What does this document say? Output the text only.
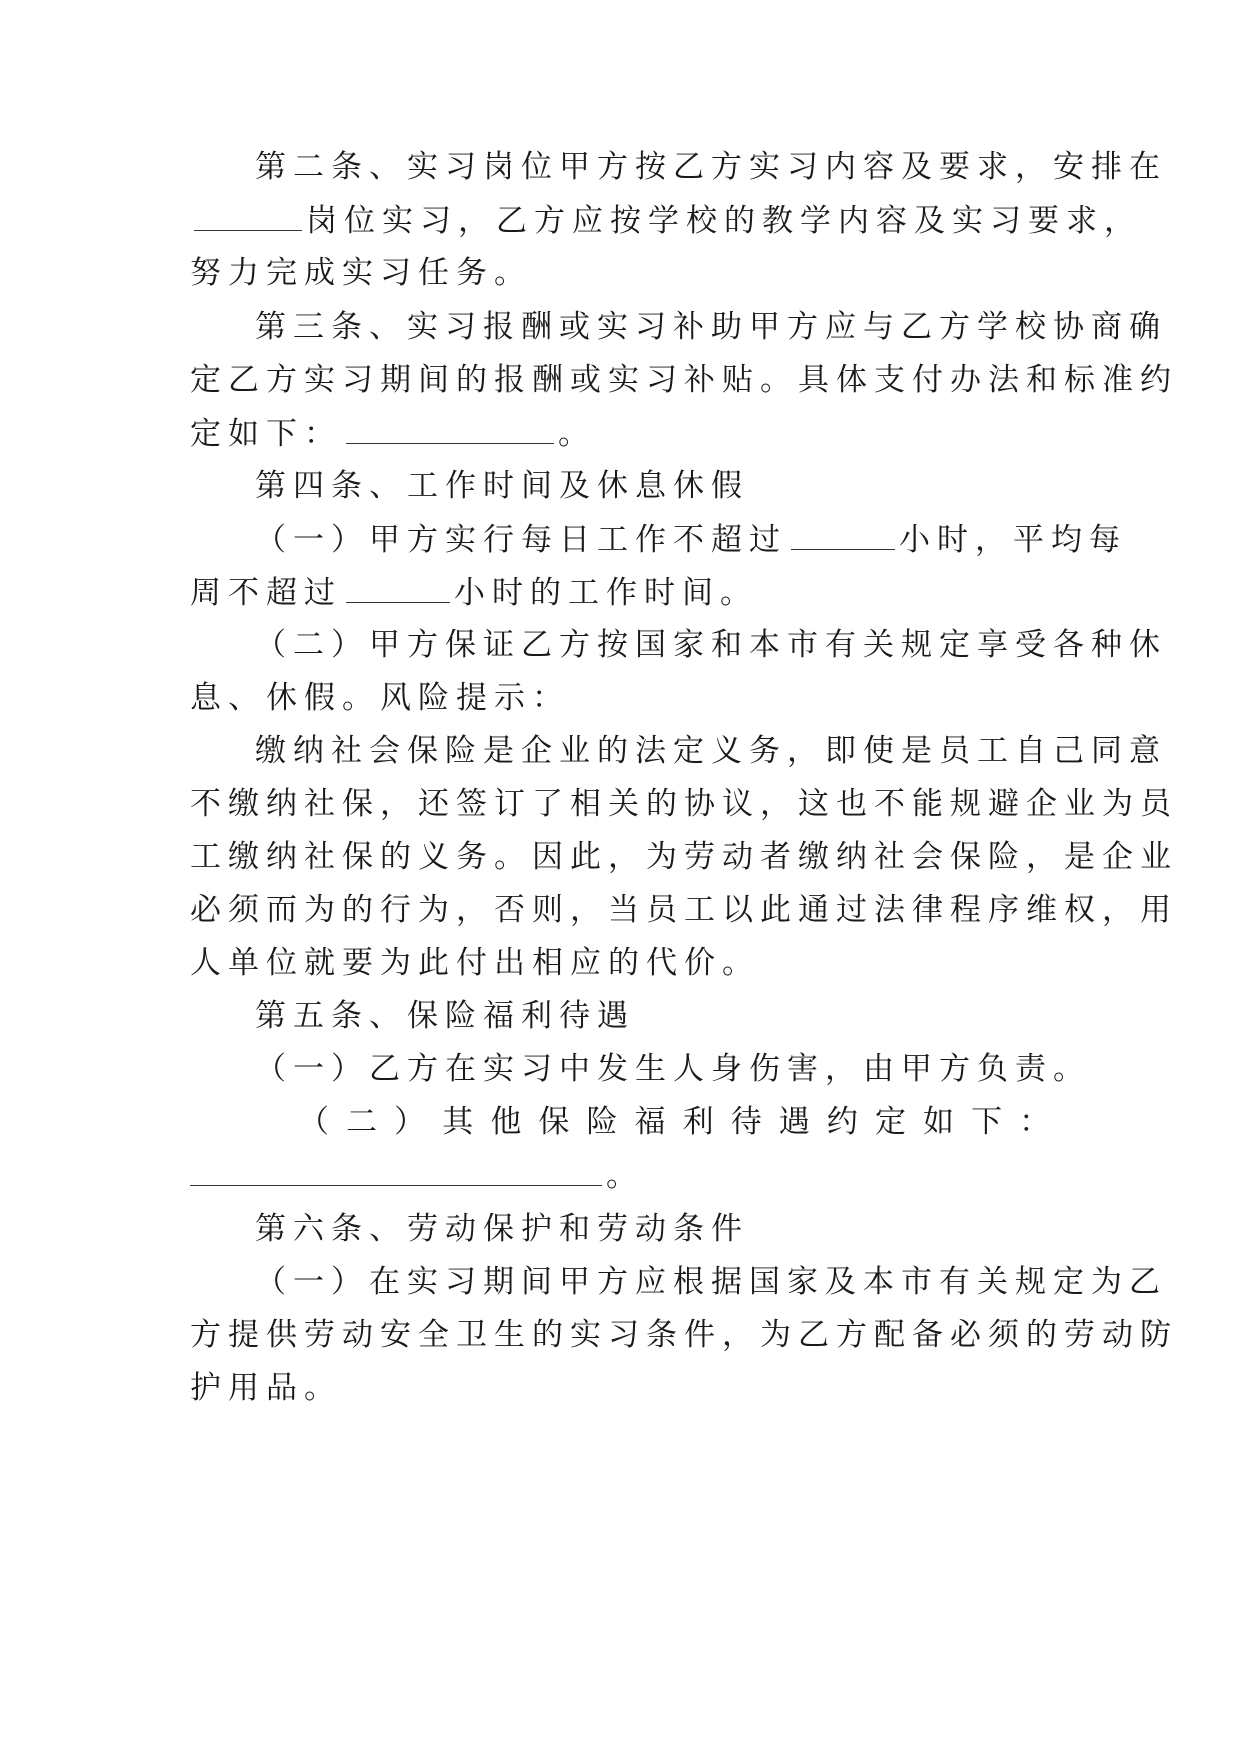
第二条、实习岗位甲方按乙方实习内容及要求，安排在
岗位实习，乙方应按学校的教学内容及实习要求，
努力完成实习任务。
第三条、实习报酬或实习补助甲方应与乙方学校协商确
定乙方实习期间的报酬或实习补贴。具体支付办法和标准约
定如下：	。
第四条、工作时间及休息休假
（一）甲方实行每日工作不超过	小时，平均每
周不超过	小时的工作时间。
（二）甲方保证乙方按国家和本市有关规定享受各种休
息、休假。风险提示：
缴纳社会保险是企业的法定义务，即使是员工自己同意
不缴纳社保，还签订了相关的协议，这也不能规避企业为员
工缴纳社保的义务。因此，为劳动者缴纳社会保险，是企业
必须而为的行为，否则，当员工以此通过法律程序维权，用
人单位就要为此付出相应的代价。
第五条、保险福利待遇
（一）乙方在实习中发生人身伤害，由甲方负责。
（ 二 ） 其 他 保 险 福 利 待 遇 约 定 如 下 ：
。
第六条、劳动保护和劳动条件
（一）在实习期间甲方应根据国家及本市有关规定为乙
方提供劳动安全卫生的实习条件，为乙方配备必须的劳动防
护用品。
